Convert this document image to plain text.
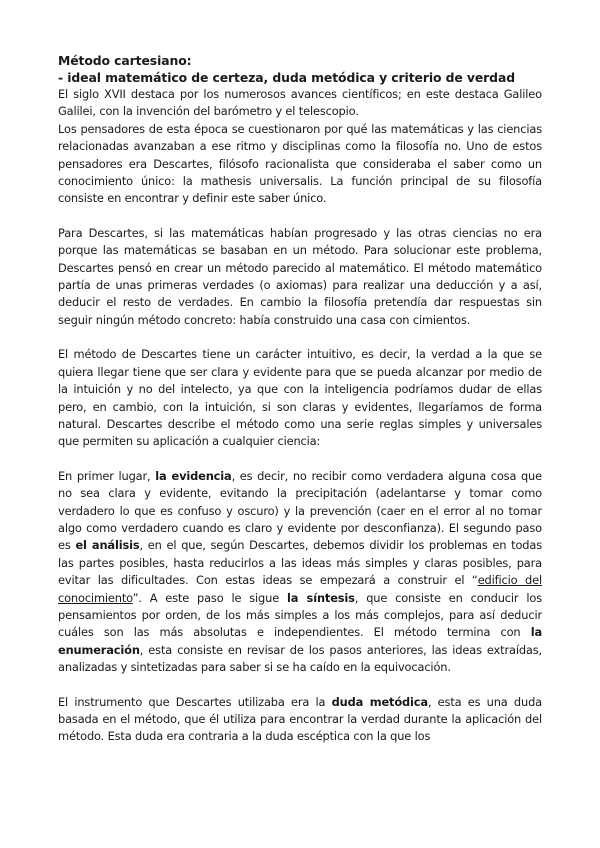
Método cartesiano:
- ideal matemático de certeza, duda metódica y criterio de verdad

El siglo XVII destaca por los numerosos avances científicos; en este destaca Galileo Galilei, con la invención del barómetro y el telescopio.

Los pensadores de esta época se cuestionaron por qué las matemáticas y las ciencias relacionadas avanzaban a ese ritmo y disciplinas como la filosofía no. Uno de estos pensadores era Descartes, filósofo racionalista que consideraba el saber como un conocimiento único: la mathesis universalis. La función principal de su filosofía consiste en encontrar y definir este saber único.

Para Descartes, si las matemáticas habían progresado y las otras ciencias no era porque las matemáticas se basaban en un método. Para solucionar este problema, Descartes pensó en crear un método parecido al matemático. El método matemático partía de unas primeras verdades (o axiomas) para realizar una deducción y a así, deducir el resto de verdades. En cambio la filosofía pretendía dar respuestas sin seguir ningún método concreto: había construido una casa con cimientos.

El método de Descartes tiene un carácter intuitivo, es decir, la verdad a la que se quiera llegar tiene que ser clara y evidente para que se pueda alcanzar por medio de la intuición y no del intelecto, ya que con la inteligencia podríamos dudar de ellas pero, en cambio, con la intuición, si son claras y evidentes, llegaríamos de forma natural. Descartes describe el método como una serie reglas simples y universales que permiten su aplicación a cualquier ciencia:

En primer lugar, la evidencia, es decir, no recibir como verdadera alguna cosa que no sea clara y evidente, evitando la precipitación (adelantarse y tomar como verdadero lo que es confuso y oscuro) y la prevención (caer en el error al no tomar algo como verdadero cuando es claro y evidente por desconfianza). El segundo paso es el análisis, en el que, según Descartes, debemos dividir los problemas en todas las partes posibles, hasta reducirlos a las ideas más simples y claras posibles, para evitar las dificultades. Con estas ideas se empezará a construir el “edificio del conocimiento”. A este paso le sigue la síntesis, que consiste en conducir los pensamientos por orden, de los más simples a los más complejos, para así deducir cuáles son las más absolutas e independientes. El método termina con la enumeración, esta consiste en revisar de los pasos anteriores, las ideas extraídas, analizadas y sintetizadas para saber si se ha caído en la equivocación.

El instrumento que Descartes utilizaba era la duda metódica, esta es una duda basada en el método, que él utiliza para encontrar la verdad durante la aplicación del método. Esta duda era contraria a la duda escéptica con la que los
